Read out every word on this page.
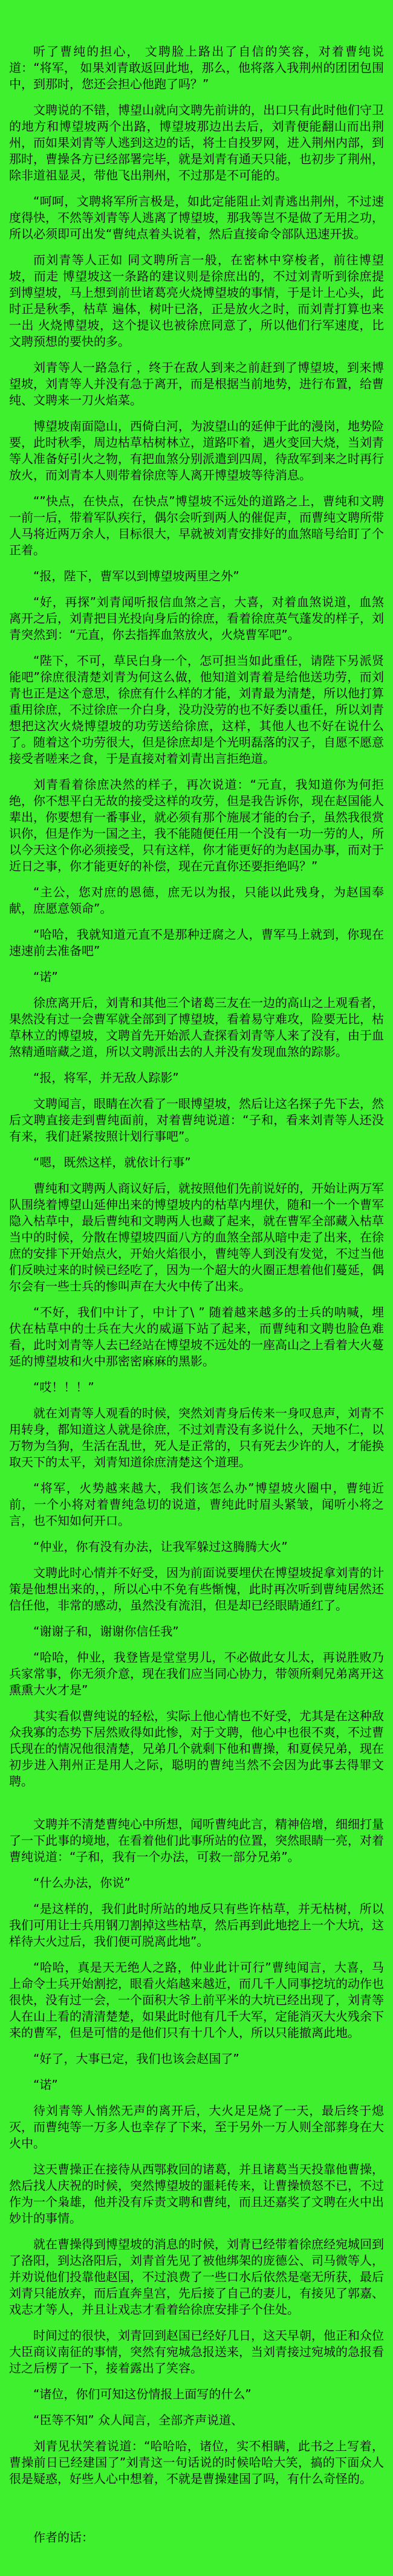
听了曹纯的担心， 文聘脸上路出了自信的笑容，对着曹纯说道：“将军， 如果刘青敢返回此地，那么，他将落入我荆州的团团包围中，到那时，您还会担心他跑了吗？”

文聘说的不错，博望山就向文聘先前讲的，出口只有此时他们守卫的地方和博望坡两个出路，博望坡那边出去后，刘青便能翻山而出荆州，而如果刘青等人逃到这边的话，将士自投罗网，进入荆州内部，到那时，曹操各方已经部署完毕，就是刘青有通天只能，也初步了荆州，除非道祖显灵，带他飞出荆州，不过那是不可能的。

“呵呵，文聘将军所言极是，如此定能阻止刘青逃出荆州，不过速度得快，不然等刘青等人逃离了博望坡，那我等岂不是做了无用之功，所以必须即可出发“曹纯点着头说着，然后直接命令部队迅速开拔。

而刘青等人正如 同文聘所言一般，在密林中穿梭者，前往博望坡，而走 博望坡这一条路的建议则是徐庶出的，不过刘青听到徐庶提到博望坡，马上想到前世诸葛亮火烧博望坡的事情，于是计上心头，此时正是秋季，枯草 遍体，树叶已洛，正是放火之时，而刘青打算也来一出 火烧博望坡，这个提议也被徐庶同意了，所以他们行军速度，比文聘预想的要快的多。

刘青等人一路急行 ，终于在敌人到来之前赶到了博望坡，到来博望坡，刘青等人并没有急于离开，而是根据当前地势，进行布置，给曹纯、文聘来一刀火焰菜。

博望坡南面隐山，西倚白河，为波望山的延伸于此的漫岗，地势险要，此时秋季，周边枯草枯树林立，道路吓着，遇火变回大烧，当刘青等人准备好引火之物，有把血煞分别派遣到四周，待敌军到来之时再行放火，而刘青本人则带着徐庶等人离开博望坡等待消息。

“”快点，在快点，在快点”博望坡不远处的道路之上，曹纯和文聘一前一后，带着军队疾行，偶尔会听到两人的催促声，而曹纯文聘所带人马将近两万余人，目标很大，早就被刘青安排好的血煞暗号给盯了个正着。

“报，陛下，曹军以到博望坡两里之外”

“好，再探”刘青闻听报信血煞之言，大喜，对着血煞说道，血煞离开之后，刘青把目光投向身后的徐庶，看着徐庶英气蓬发的样子，刘青突然到：“元直，你去指挥血煞放火，火烧曹军吧”。

“陛下，不可，草民白身一个，怎可担当如此重任，请陛下另派贤能吧”徐庶很清楚刘青为何这么做，他知道刘青着是给他送功劳，而刘青也正是这个意思，徐庶有什么样的才能，刘青最为清楚，所以他打算重用徐庶，不过徐庶一介白身，没功没劳的也不好委以重任，所以刘青想把这次火烧博望坡的功劳送给徐庶，这样，其他人也不好在说什么了。随着这个功劳很大，但是徐庶却是个光明磊落的汉子，自愿不愿意接受者嗟来之食，于是直接对着刘青出言拒绝道。

刘青看着徐庶决然的样子，再次说道：“元直，我知道你为何拒绝，你不想平白无故的接受这样的攻劳，但是我告诉你，现在赵国能人辈出，你要想有一番事业，就必须有那个施展才能的台子，虽然我很赏识你，但是作为一国之主，我不能随便任用一个没有一功一劳的人，所以今天这个你必须接受，只有这样，你才能更好的为赵国办事，而对于近日之事，你才能更好的补偿，现在元直你还要拒绝吗？”

“主公，您对庶的恩德，庶无以为报，只能以此残身，为赵国奉献，庶愿意领命”。

“哈哈，我就知道元直不是那种迂腐之人，曹军马上就到，你现在速速前去准备吧”

“诺”

徐庶离开后，刘青和其他三个诸葛三友在一边的高山之上观看者，果然没有过一会曹军就全部到了博望坡，看着易守难攻，险要无比，枯草林立的博望坡，文聘首先开始派人查探看刘青等人来了没有，由于血煞精通暗藏之道，所以文聘派出去的人并没有发现血煞的踪影。

“报，将军，并无敌人踪影”

文聘闻言，眼睛在次看了一眼博望坡，然后让这名探子先下去，然后文聘直接走到曹纯面前，对着曹纯说道：“子和，看来刘青等人还没有来，我们赶紧按照计划行事吧”。

“嗯，既然这样，就依计行事”

曹纯和文聘两人商议好后，就按照他们先前说好的，开始让两万军队围绕着博望山延伸出来的博望坡内的枯草内埋伏，随和一个一个曹军隐入枯草中，最后曹纯和文聘两人也藏了起来，就在曹军全部藏入枯草当中的时候，分散在博望坡四面八方的血煞全部从暗中走了出来，在徐庶的安排下开始点火，开始火焰很小，曹纯等人到没有发觉，不过当他们反映过来的时候已经吃了，因为一个超大的火圈正想着他们蔓延，偶尔会有一些士兵的惨叫声在大火中传了出来。

“不好，我们中计了，中计了\ ” 随着越来越多的士兵的呐喊，埋伏在枯草中的士兵在大火的威逼下站了起来，而曹纯和文聘也脸色难看，此时刘青等人去已经站在博望坡不远处的一座高山之上看着大火蔓延的博望坡和火中那密密麻麻的黑影。

“哎！！！”

就在刘青等人观看的时候，突然刘青身后传来一身叹息声，刘青不用转身，都知道这人就是徐庶，不过刘青没有多说什么，天地不仁，以万物为刍狗，生活在乱世，死人是正常的，只有死去少许的人，才能换取天下的太平，刘青知道徐庶清楚这个道理。

“将军，火势越来越大，我们该怎么办”博望坡火圈中，曹纯近前，一个小将对着曹纯急切的说道，曹纯此时眉头紧皱，闻听小将之言，也不知如何开口。

“仲业，你有没有办法，让我军躲过这腾腾大火”

文聘此时心情并不好受，因为前面说要埋伏在博望坡捉拿刘青的计策是他想出来的，，所以心中不免有些惭愧，此时再次听到曹纯居然还信任他，非常的感动，虽然没有流泪，但是却已经眼睛通红了。

“谢谢子和，谢谢你信任我”

“哈哈，仲业，我登皆是堂堂男儿，不必做此女儿太，再说胜败乃兵家常事，你无须介意，现在我们应当同心协力，带领所剩兄弟离开这熏熏大火才是”

其实看似曹纯说的轻松，实际上他心情也不好受，尤其是在这种敌众我寡的态势下居然败得如此惨，对于文聘，他心中也很不爽，不过曹氏现在的情况他很清楚，兄弟几个就剩下他和曹操，和夏侯兄弟，现在初步进入荆州正是用人之际，聪明的曹纯当然不会因为此事去得罪文聘。

文聘并不清楚曹纯心中所想，闻听曹纯此言，精神倍增，细细打量了一下此事的境地，在看着他们此事所站的位置，突然眼睛一亮，对着曹纯说道：“子和，我有一个办法，可救一部分兄弟”。

“什么办法，你说”

“是这样的，我们此时所站的地反只有些许枯草，并无枯树，所以我们可用让士兵用钢刀割掉这些枯草，然后再到此地挖上一个大坑，这样待大火过后，我们便可脱离此地”。

“哈哈，真是天无绝人之路，仲业此计可行”曹纯闻言，大喜，马上命令士兵开始割挖，眼看火焰越来越近，而几千人同事挖坑的动作也很快，没有过一会，一个面积大爷上前平米的大坑已经出现了，刘青等人在山上看的清清楚楚，如果此时他有几千大军，定能消灭大火残余下来的曹军，但是可惜的是他们只有十几个人，所以只能撤离此地。

“好了，大事已定，我们也该会赵国了”

“诺”

待刘青等人悄然无声的离开后，大火足足烧了一天，最后终于熄灭，而曹纯等一万多人也幸存了下来，至于另外一万人则全部葬身在大火中。

这天曹操正在接待从西鄂救回的诸葛，并且诸葛当天投靠他曹操，然后找人庆祝的时候，突然博望坡的噩耗传来，让曹操愤怒不已，不过作为一个枭雄，他并没有斥责文聘和曹纯，而且还嘉奖了文聘在火中出妙计的事情。

就在曹操得到博望坡的消息的时候，刘青已经带着徐庶经宛城回到了洛阳，到达洛阳后，刘青首先见了被他绑架的庞德公、司马微等人，并劝说他们投靠他赵国，不过浪费了一些口水后依然是毫无所获，最后刘青只能放弃，而后直奔皇宫，先后接了自己的妻儿，有接见了郭嘉、戏志才等人，并且让戏志才看着给徐庶安排子个住处。

时间过的很快，刘青回到赵国已经好几日，这天早朝，他正和众位大臣商议南征的事情，突然有宛城急报送来，当刘青接过宛城的急报看过之后楞了一下，接着露出了笑容。

“诸位，你们可知这份情报上面写的什么”

“臣等不知” 众人闻言，全部齐声说道、

刘青见状笑着说道：“哈哈哈，诸位，实不相瞒，此书之上写着，曹操前日已经建国了”刘青这一句话说的时候哈哈大笑，搞的下面众人很是疑惑，好些人心中想着，不就是曹操建国了吗，有什么奇怪的。

作者的话：
